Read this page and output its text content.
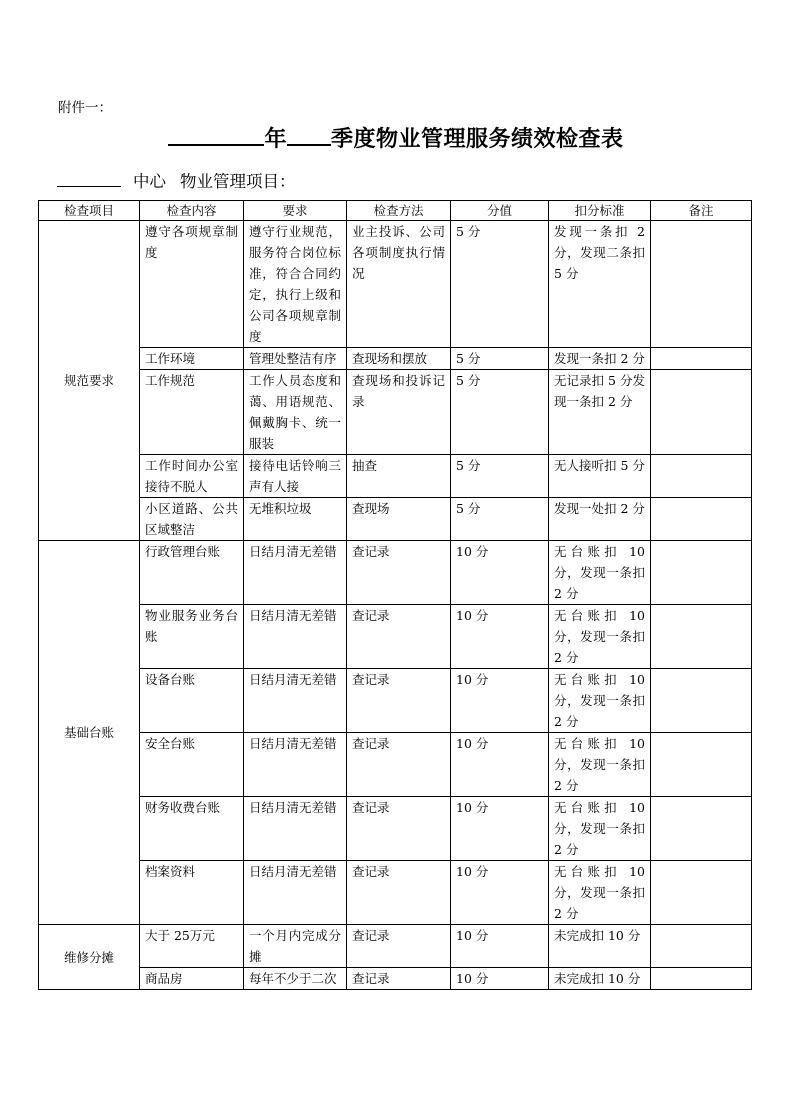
附件一：
年 季度物业管理服务绩效检查表
中心 物业管理项目：
检查项目	检查内容	要求	检查方法	分值	扣分标准	备注
规范要求	遵守各项规章制度	遵守行业规范，服务符合岗位标准，符合合同约定，执行上级和公司各项规章制度	业主投诉、公司各项制度执行情况	5 分	发现一条扣 2 分，发现二条扣 5 分	
	工作环境	管理处整洁有序	查现场和摆放	5 分	发现一条扣 2 分	
	工作规范	工作人员态度和蔼、用语规范、佩戴胸卡、统一服装	查现场和投诉记录	5 分	无记录扣 5 分发现一条扣 2 分	
	工作时间办公室接待不脱人	接待电话铃响三声有人接	抽查	5 分	无人接听扣 5 分	
	小区道路、公共区域整洁	无堆积垃圾	查现场	5 分	发现一处扣 2 分	
基础台账	行政管理台账	日结月清无差错	查记录	10 分	无台账扣 10 分，发现一条扣 2 分	
	物业服务业务台账	日结月清无差错	查记录	10 分	无台账扣 10 分，发现一条扣 2 分	
	设备台账	日结月清无差错	查记录	10 分	无台账扣 10 分，发现一条扣 2 分	
	安全台账	日结月清无差错	查记录	10 分	无台账扣 10 分，发现一条扣 2 分	
	财务收费台账	日结月清无差错	查记录	10 分	无台账扣 10 分，发现一条扣 2 分	
	档案资料	日结月清无差错	查记录	10 分	无台账扣 10 分，发现一条扣 2 分	
维修分摊	大于 25万元	一个月内完成分摊	查记录	10 分	未完成扣 10 分	
	商品房	每年不少于二次	查记录	10 分	未完成扣 10 分	
